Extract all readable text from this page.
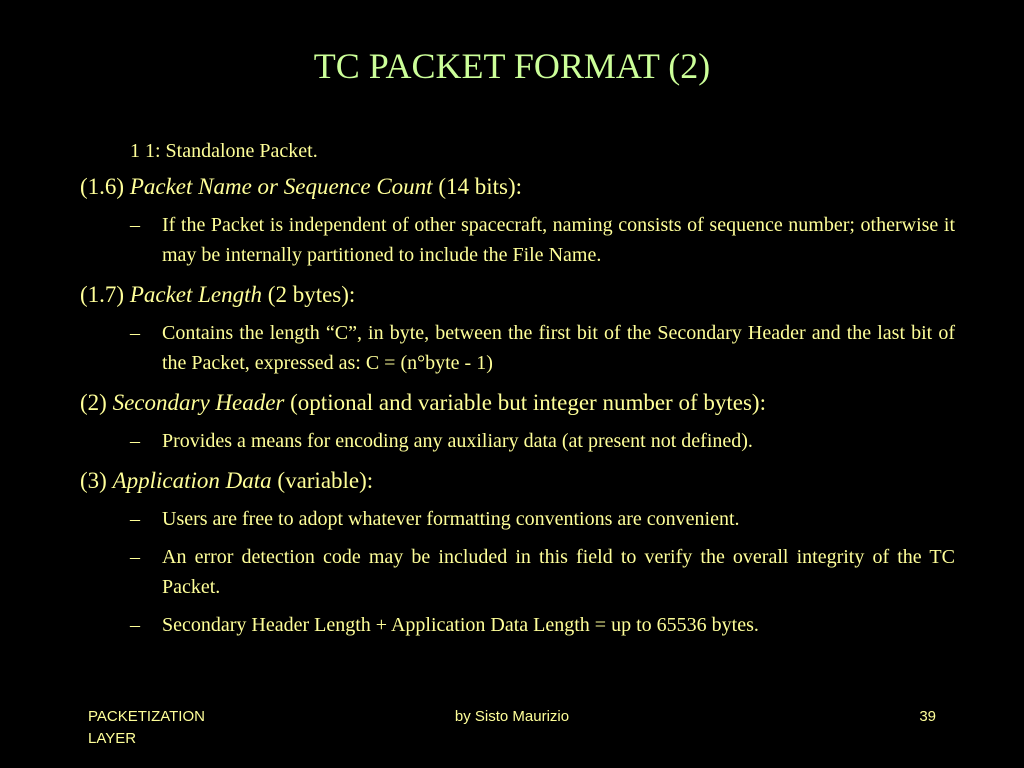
TC PACKET FORMAT (2)
1 1: Standalone Packet.
(1.6) Packet Name or Sequence Count (14 bits):
– If the Packet is independent of other spacecraft, naming consists of sequence number; otherwise it may be internally partitioned to include the File Name.
(1.7) Packet Length (2 bytes):
– Contains the length “C”, in byte, between the first bit of the Secondary Header and the last bit of the Packet, expressed as: C = (n°byte - 1)
(2) Secondary Header (optional and variable but integer number of bytes):
– Provides a means for encoding any auxiliary data (at present not defined).
(3) Application Data (variable):
– Users are free to adopt whatever formatting conventions are convenient.
– An error detection code may be included in this field to verify the overall integrity of the TC Packet.
– Secondary Header Length + Application Data Length = up to 65536 bytes.
PACKETIZATION
LAYER
by Sisto Maurizio	39
